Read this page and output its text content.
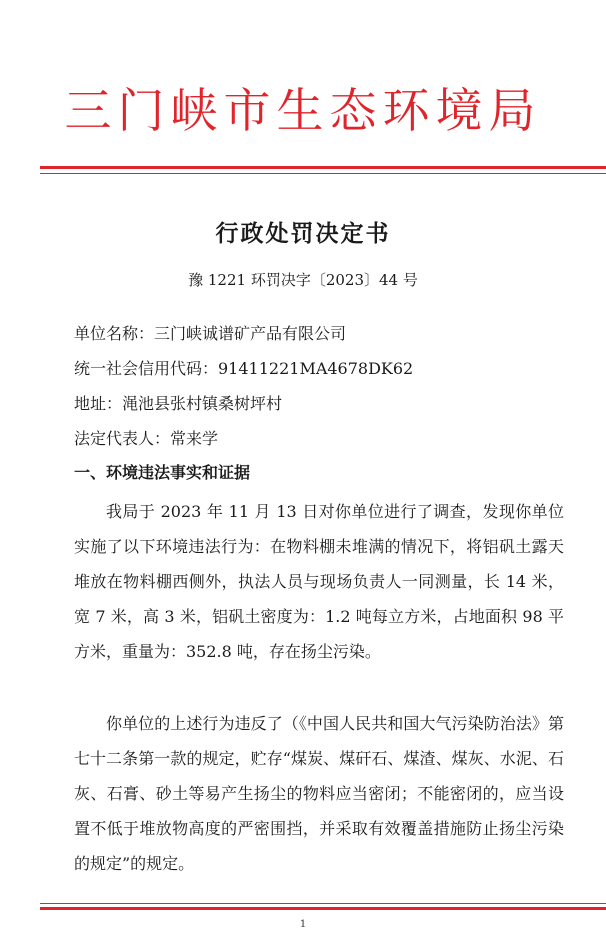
三门峡市生态环境局
行政处罚决定书
豫 1221 环罚决字〔2023〕44 号
单位名称：三门峡诚谱矿产品有限公司
统一社会信用代码：91411221MA4678DK62
地址：渑池县张村镇桑树坪村
法定代表人：常来学
一、环境违法事实和证据
我局于 2023 年 11 月 13 日对你单位进行了调查，发现你单位实施了以下环境违法行为：在物料棚未堆满的情况下，将铝矾土露天堆放在物料棚西侧外，执法人员与现场负责人一同测量，长 14 米，宽 7 米，高 3 米，铝矾土密度为：1.2 吨每立方米，占地面积 98 平方米，重量为：352.8 吨，存在扬尘污染。
你单位的上述行为违反了（《中国人民共和国大气污染防治法》第七十二条第一款的规定，贮存“煤炭、煤矸石、煤渣、煤灰、水泥、石灰、石膏、砂土等易产生扬尘的物料应当密闭；不能密闭的，应当设置不低于堆放物高度的严密围挡，并采取有效覆盖措施防止扬尘污染的规定”的规定。
1
